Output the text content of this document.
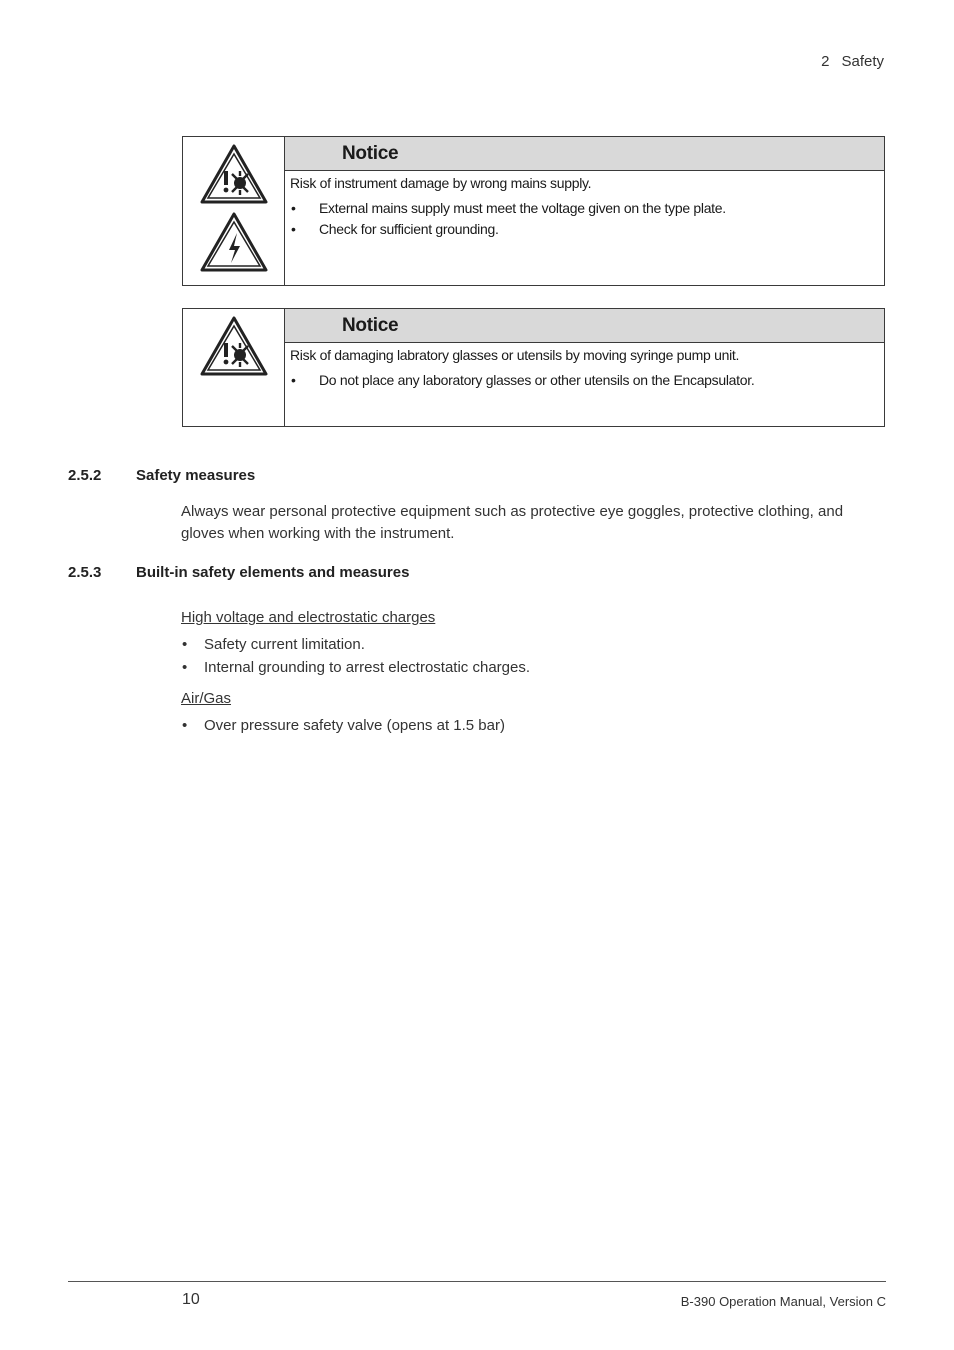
2 Safety
Notice

Risk of instrument damage by wrong mains supply.

• External mains supply must meet the voltage given on the type plate.
• Check for sufficient grounding.
Notice

Risk of damaging labratory glasses or utensils by moving syringe pump unit.

• Do not place any laboratory glasses or other utensils on the Encapsulator.
2.5.2 Safety measures
Always wear personal protective equipment such as protective eye goggles, protective clothing, and gloves when working with the instrument.
2.5.3 Built-in safety elements and measures
High voltage and electrostatic charges
• Safety current limitation.
• Internal grounding to arrest electrostatic charges.
Air/Gas
• Over pressure safety valve (opens at 1.5 bar)
10	B-390 Operation Manual, Version C
